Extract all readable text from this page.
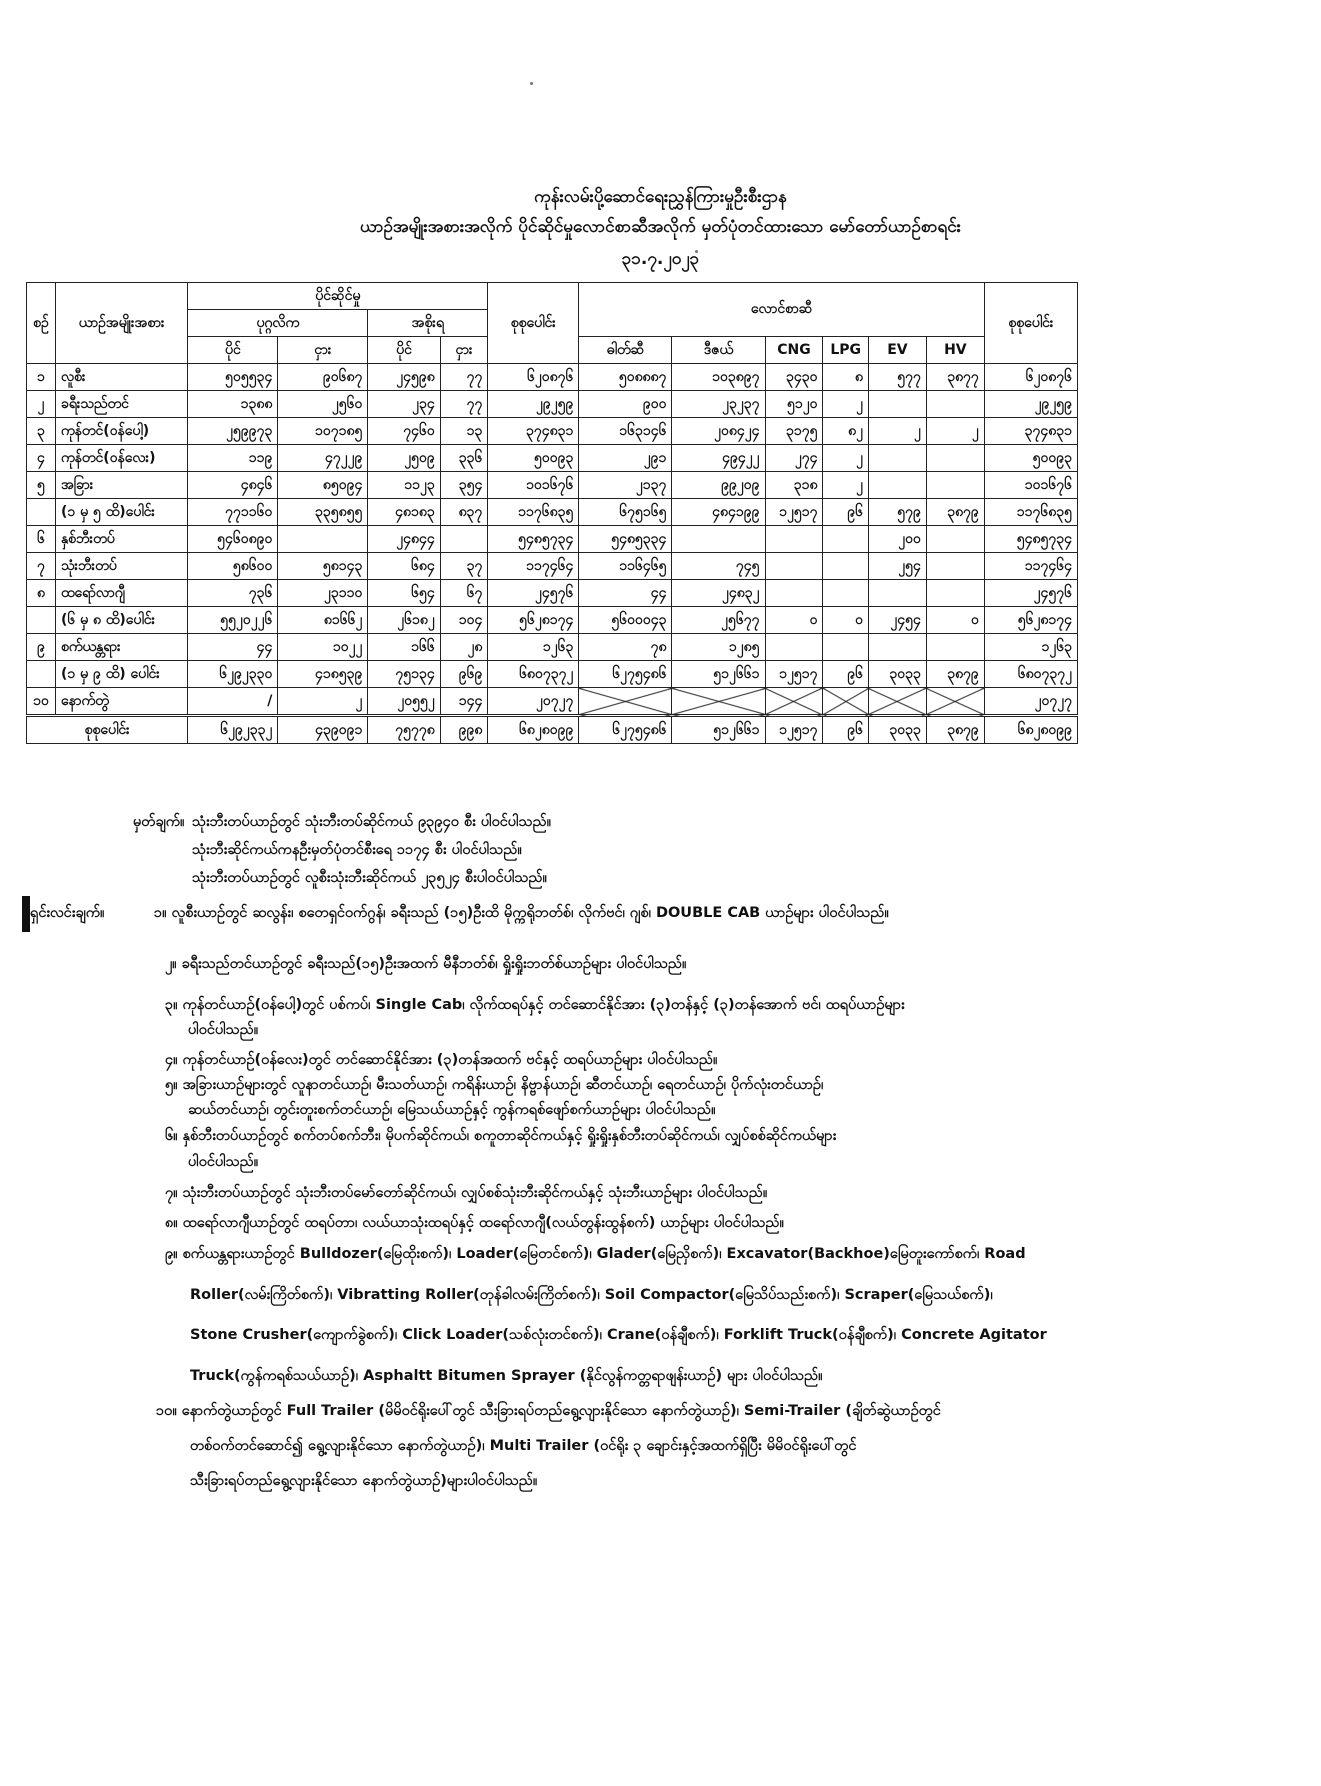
ကုန်းလမ်းပို့ဆောင်ရေးညွှန်ကြားမှုဦးစီးဌာန
ယာဉ်အမျိုးအစားအလိုက် ပိုင်ဆိုင်မှုလောင်စာဆီအလိုက် မှတ်ပုံတင်ထားသော မော်တော်ယာဉ်စာရင်း
၃၁.၇.၂၀၂၃
စဉ်	ယာဉ်အမျိုးအစား	ပိုင်ဆိုင်မှု				စုစုပေါင်း	လောင်စာဆီ						စုစုပေါင်း
		ပုဂ္ဂလိက		အစိုးရ									
		ပိုင်	ငှား	ပိုင်	ငှား		ဓါတ်ဆီ	ဒီဇယ်	CNG	LPG	EV	HV	
၁	လူစီး	၅၀၅၅၃၄	၉၀၆၈၇	၂၄၅၉၈	၇၇	၆၂၀၈၇၆	၅၀၈၈၈၇	၁၀၃၈၉၇	၃၄၃၀	၈	၅၇၇	၃၈၇၇	၆၂၀၈၇၆
၂	ခရီးသည်တင်	၁၃၈၈	၂၅၆၀	၂၃၄	၇၇	၂၉၂၅၉	၉၀၀	၂၃၂၃၇	၅၁၂၀	၂			၂၉၂၅၉
၃	ကုန်တင်(ဝန်ပေါ့)	၂၅၉၉၇၃	၁၀၇၁၈၅	၇၄၆၀	၁၃	၃၇၄၈၃၁	၁၆၃၁၄၆	၂၀၈၄၂၄	၃၁၇၅	၈၂	၂	၂	၃၇၄၈၃၁
၄	ကုန်တင်(ဝန်လေး)	၁၁၉	၄၇၂၂၉	၂၅၀၉	၃၃၆	၅၀၀၉၃	၂၉၁	၄၉၄၂၂	၂၇၄	၂			၅၀၀၉၃
၅	အခြား	၄၈၄၆	၈၅၀၉၄	၁၁၂၃	၃၅၄	၁၀၁၆၇၆	၂၁၃၇	၉၉၂၀၉	၃၁၈	၂			၁၀၁၆၇၆
	(၁ မှ ၅ ထိ)ပေါင်း	၇၇၁၁၆၀	၃၃၅၈၅၅	၄၈၁၈၃	၈၃၇	၁၁၇၆၈၃၅	၆၇၅၁၆၅	၄၈၄၁၉၉	၁၂၅၁၇	၉၆	၅၇၉	၃၈၇၉	၁၁၇၆၈၃၅
၆	နှစ်ဘီးတပ်	၅၄၆၀၈၉၀		၂၄၈၄၄		၅၄၈၅၇၃၄	၅၄၈၅၃၃၄				၂၀၀		၅၄၈၅၇၃၄
၇	သုံးဘီးတပ်	၅၈၆၀၀	၅၈၁၄၃	၆၈၄	၃၇	၁၁၇၄၆၄	၁၁၆၄၆၅	၇၄၅			၂၅၄		၁၁၇၄၆၄
၈	ထရော်လာဂျီ	၇၃၆	၂၃၁၁၀	၆၅၄	၆၇	၂၄၅၇၆	၄၄	၂၄၈၃၂					၂၄၅၇၆
	(၆ မှ ၈ ထိ)ပေါင်း	၅၅၂၀၂၂၆	၈၁၆၆၂	၂၆၁၈၂	၁၀၄	၅၆၂၈၁၇၄	၅၆၀၀၀၄၃	၂၅၆၇၇	၀	၀	၂၄၅၄	၀	၅၆၂၈၁၇၄
၉	စက်ယန္တရား	၄၄	၁၀၂၂	၁၆၆	၂၈	၁၂၆၃	၇၈	၁၂၈၅					၁၂၆၃
	(၁ မှ ၉ ထိ) ပေါင်း	၆၂၉၂၃၃၀	၄၁၈၅၃၉	၇၅၁၃၄	၉၆၉	၆၈၀၇၃၇၂	၆၂၇၅၄၈၆	၅၁၂၆၆၁	၁၂၅၁၇	၉၆	၃၀၃၃	၃၈၇၉	၆၈၀၇၃၇၂
၁၀	နောက်တွဲ	/	၂	၂၀၅၅၂	၁၄၄	၂၀၇၂၇							၂၀၇၂၇
စုစုပေါင်း		၆၂၉၂၃၃၂	၄၃၉၀၉၁	၇၅၇၇၈	၉၉၈	၆၈၂၈၀၉၉	၆၂၇၅၄၈၆	၅၁၂၆၆၁	၁၂၅၁၇	၉၆	၃၀၃၃	၃၈၇၉	၆၈၂၈၀၉၉
မှတ်ချက်။ သုံးဘီးတပ်ယာဉ်တွင် သုံးဘီးတပ်ဆိုင်ကယ် ၉၃၉၄၀ စီး ပါဝင်ပါသည်။
သုံးဘီးဆိုင်ကယ်ကနဦးမှတ်ပုံတင်စီးရေ ၁၁၇၄ စီး ပါဝင်ပါသည်။
သုံးဘီးတပ်ယာဉ်တွင် လူစီးသုံးဘီးဆိုင်ကယ် ၂၃၅၂၄ စီးပါဝင်ပါသည်။
ရှင်းလင်းချက်။	၁။ လူစီးယာဉ်တွင် ဆလွန်း၊ စတေရှင်ဝက်ဂွန်၊ ခရီးသည် (၁၅)ဦးထိ မိုက္ကရိုဘတ်စ်၊ လိုက်ဗင်၊ ဂျစ်၊ DOUBLE CAB ယာဉ်များ ပါဝင်ပါသည်။
၂။ ခရီးသည်တင်ယာဉ်တွင် ခရီးသည်(၁၅)ဦးအထက် မီနီဘတ်စ်၊ ရှိုးရှိုးဘတ်စ်ယာဉ်များ ပါဝင်ပါသည်။
၃။ ကုန်တင်ယာဉ်(ဝန်ပေါ့)တွင် ပစ်ကပ်၊ Single Cab၊ လိုက်ထရပ်နှင့် တင်ဆောင်နိုင်အား (၃)တန်နှင့် (၃)တန်အောက် ဗင်၊ ထရပ်ယာဉ်များ
ပါဝင်ပါသည်။
၄။ ကုန်တင်ယာဉ်(ဝန်လေး)တွင် တင်ဆောင်နိုင်အား (၃)တန်အထက် ဗင်နှင့် ထရပ်ယာဉ်များ ပါဝင်ပါသည်။
၅။ အခြားယာဉ်များတွင် လူနာတင်ယာဉ်၊ မီးသတ်ယာဉ်၊ ကရိန်းယာဉ်၊ နိဗ္ဗာန်ယာဉ်၊ ဆီတင်ယာဉ်၊ ရေတင်ယာဉ်၊ ပိုက်လုံးတင်ယာဉ်၊
ဆယ်တင်ယာဉ်၊ တွင်းတူးစက်တင်ယာဉ်၊ မြေသယ်ယာဉ်နှင့် ကွန်ကရစ်ဖျော်စက်ယာဉ်များ ပါဝင်ပါသည်။
၆။ နှစ်ဘီးတပ်ယာဉ်တွင် စက်တပ်စက်ဘီး၊ မိုပက်ဆိုင်ကယ်၊ စကူတာဆိုင်ကယ်နှင့် ရှိုးရှိုးနှစ်ဘီးတပ်ဆိုင်ကယ်၊ လျှပ်စစ်ဆိုင်ကယ်များ
ပါဝင်ပါသည်။
၇။ သုံးဘီးတပ်ယာဉ်တွင် သုံးဘီးတပ်မော်တော်ဆိုင်ကယ်၊ လျှပ်စစ်သုံးဘီးဆိုင်ကယ်နှင့် သုံးဘီးယာဉ်များ ပါဝင်ပါသည်။
၈။ ထရော်လာဂျီယာဉ်တွင် ထရပ်တာ၊ လယ်ယာသုံးထရပ်နှင့် ထရော်လာဂျီ(လယ်တွန်းထွန်စက်) ယာဉ်များ ပါဝင်ပါသည်။
၉။ စက်ယန္တရားယာဉ်တွင် Bulldozer(မြေထိုးစက်)၊ Loader(မြေတင်စက်)၊ Glader(မြေညှိစက်)၊ Excavator(Backhoe)မြေတူးကော်စက်၊ Road
Roller(လမ်းကြိတ်စက်)၊ Vibratting Roller(တုန်ခါလမ်းကြိတ်စက်)၊ Soil Compactor(မြေသိပ်သည်းစက်)၊ Scraper(မြေသယ်စက်)၊
Stone Crusher(ကျောက်ခွဲစက်)၊ Click Loader(သစ်လုံးတင်စက်)၊ Crane(ဝန်ချီစက်)၊ Forklift Truck(ဝန်ချီစက်)၊ Concrete Agitator
Truck(ကွန်ကရစ်သယ်ယာဉ်)၊ Asphaltt Bitumen Sprayer (နိုင်လွန်ကတ္တရာဖျန်းယာဉ်) များ ပါဝင်ပါသည်။
၁၀။ နောက်တွဲယာဉ်တွင် Full Trailer (မိမိဝင်ရိုးပေါ်တွင် သီးခြားရပ်တည်ရွေ့လျားနိုင်သော နောက်တွဲယာဉ်)၊ Semi-Trailer (ချိတ်ဆွဲယာဉ်တွင်
တစ်ဝက်တင်ဆောင်၍ ရွေ့လျားနိုင်သော နောက်တွဲယာဉ်)၊ Multi Trailer (ဝင်ရိုး ၃ ချောင်းနှင့်အထက်ရှိပြီး မိမိဝင်ရိုးပေါ်တွင်
သီးခြားရပ်တည်ရွေ့လျားနိုင်သော နောက်တွဲယာဉ်)များပါဝင်ပါသည်။
